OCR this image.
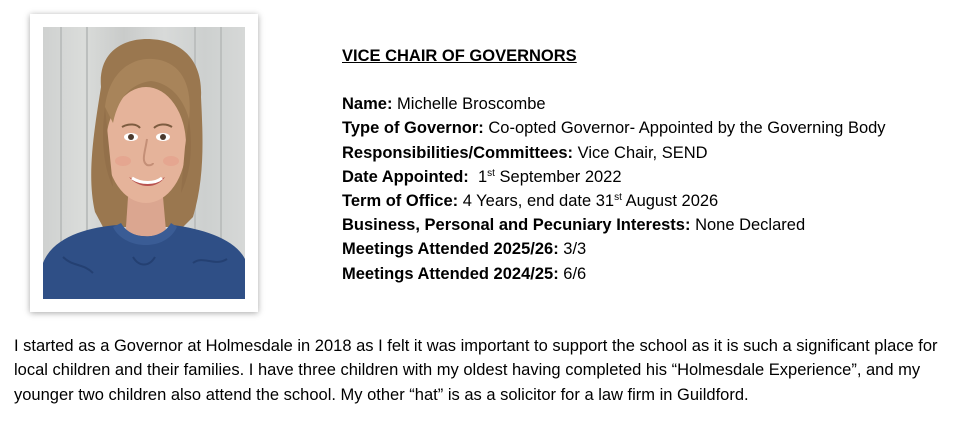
VICE CHAIR OF GOVERNORS
Name: Michelle Broscombe
Type of Governor: Co-opted Governor- Appointed by the Governing Body
Responsibilities/Committees: Vice Chair, SEND
Date Appointed: 1st September 2022
Term of Office: 4 Years, end date 31st August 2026
Business, Personal and Pecuniary Interests: None Declared
Meetings Attended 2025/26: 3/3
Meetings Attended 2024/25: 6/6
I started as a Governor at Holmesdale in 2018 as I felt it was important to support the school as it is such a significant place for local children and their families. I have three children with my oldest having completed his “Holmesdale Experience”, and my younger two children also attend the school. My other “hat” is as a solicitor for a law firm in Guildford.
